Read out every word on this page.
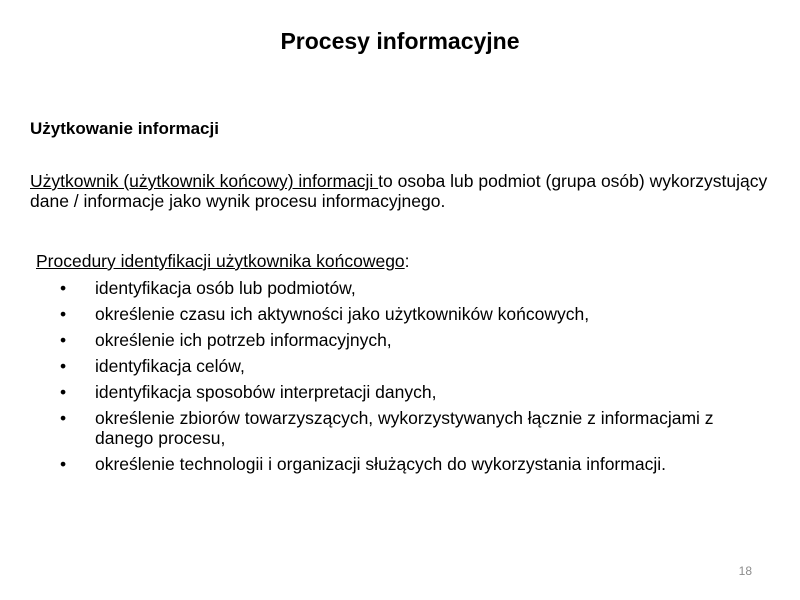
Procesy informacyjne
Użytkowanie informacji

Użytkownik (użytkownik końcowy) informacji to osoba lub podmiot (grupa osób) wykorzystujący dane / informacje jako wynik procesu informacyjnego.

Procedury identyfikacji użytkownika końcowego:

• identyfikacja osób lub podmiotów,
• określenie czasu ich aktywności jako użytkowników końcowych,
• określenie ich potrzeb informacyjnych,
• identyfikacja celów,
• identyfikacja sposobów interpretacji danych,
• określenie zbiorów towarzyszących, wykorzystywanych łącznie z informacjami z danego procesu,
• określenie technologii i organizacji służących do wykorzystania informacji.
18
